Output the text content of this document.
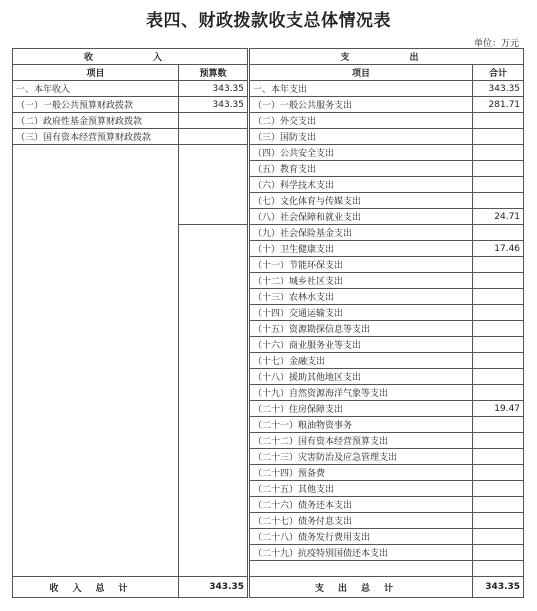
表四、财政拨款收支总体情况表
单位：万元
收　　入		支　　出	
项目	预算数	项目	合计
一、本年收入	343.35	一、本年支出	343.35
（一）一般公共预算财政拨款	343.35	（一）一般公共服务支出	281.71
（二）政府性基金预算财政拨款		（二）外交支出	
（三）国有资本经营预算财政拨款		（三）国防支出	
		（四）公共安全支出	
		（五）教育支出	
		（六）科学技术支出	
		（七）文化体育与传媒支出	
		（八）社会保障和就业支出	24.71
		（九）社会保险基金支出	
		（十）卫生健康支出	17.46
		（十一）节能环保支出	
		（十二）城乡社区支出	
		（十三）农林水支出	
		（十四）交通运输支出	
		（十五）资源勘探信息等支出	
		（十六）商业服务业等支出	
		（十七）金融支出	
		（十八）援助其他地区支出	
		（十九）自然资源海洋气象等支出	
		（二十）住房保障支出	19.47
		（二十一）粮油物资事务	
		（二十二）国有资本经营预算支出	
		（二十三）灾害防治及应急管理支出	
		（二十四）预备费	
		（二十五）其他支出	
		（二十六）债务还本支出	
		（二十七）债务付息支出	
		（二十八）债务发行费用支出	
		（二十九）抗疫特别国债还本支出	

收入总计	343.35	支出总计	343.35
